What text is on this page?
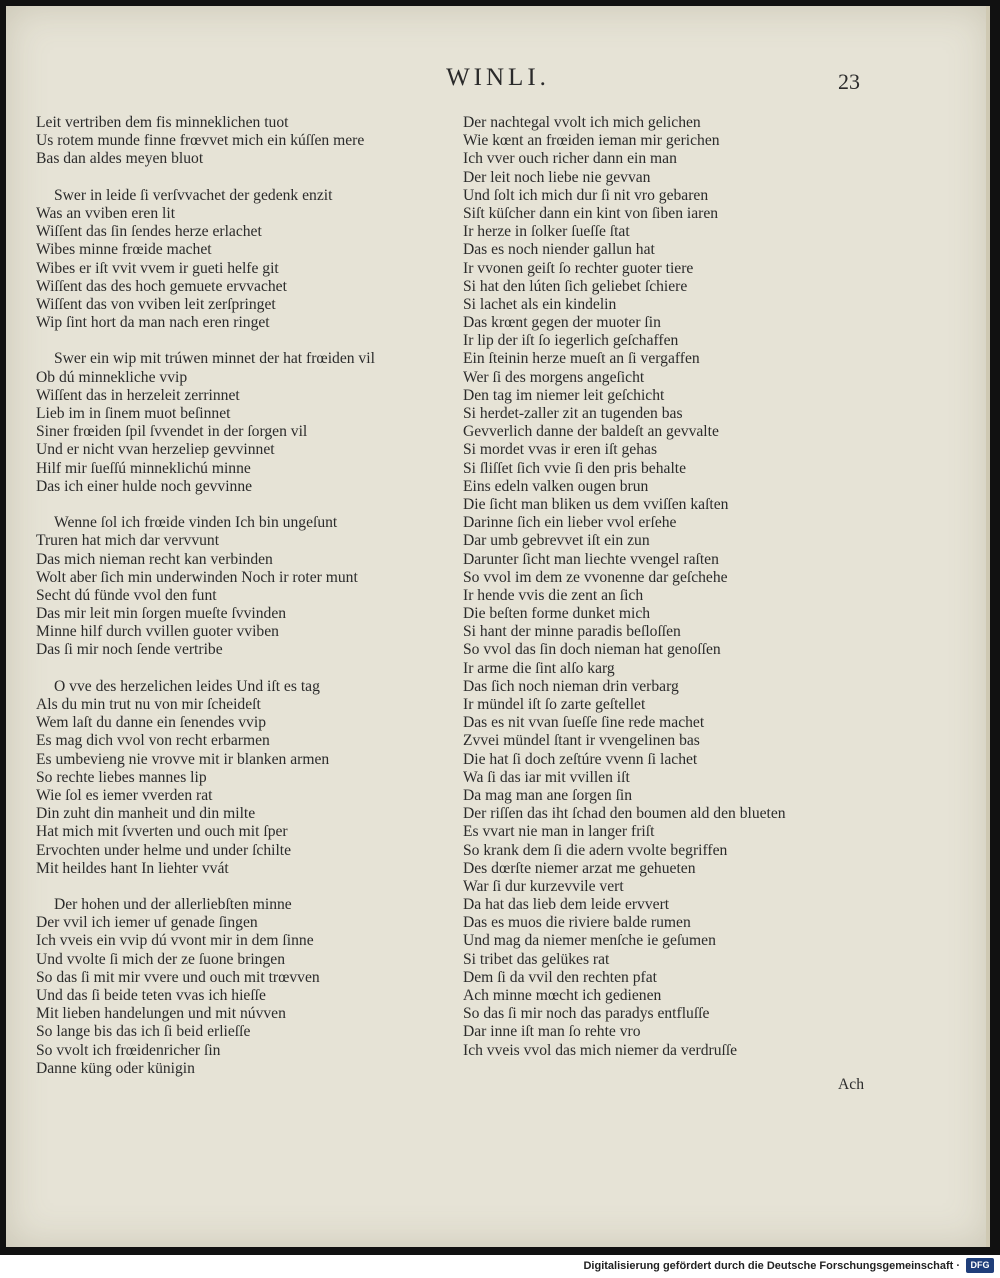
WINLI.	23
Leit vertriben dem fis minneklichen tuot
Us rotem munde finne frœvvet mich ein kúſſen mere
Bas dan aldes meyen bluot
Swer in leide ſi verſvvachet der gedenk enzit
Was an vviben eren lit
Wiſſent das ſin ſendes herze erlachet
Wibes minne frœide machet
Wibes er iſt vvit vvem ir gueti helfe git
Wiſſent das des hoch gemuete ervvachet
Wiſſent das von vviben leit zerſpringet
Wip ſint hort da man nach eren ringet
Swer ein wip mit trúwen minnet der hat frœiden vil
Ob dú minnekliche vvip
Wiſſent das in herzeleit zerrinnet
Lieb im in ſinem muot beſinnet
Siner frœiden ſpil ſvvendet in der ſorgen vil
Und er nicht vvan herzeliep gevvinnet
Hilf mir ſueſſú minneklichú minne
Das ich einer hulde noch gevvinne
Wenne ſol ich frœide vinden Ich bin ungeſunt
Truren hat mich dar vervvunt
Das mich nieman recht kan verbinden
Wolt aber ſich min underwinden Noch ir roter munt
Secht dú fünde vvol den funt
Das mir leit min ſorgen mueſte ſvvinden
Minne hilf durch vvillen guoter vviben
Das ſi mir noch ſende vertribe
O vve des herzelichen leides Und iſt es tag
Als du min trut nu von mir ſcheideſt
Wem laſt du danne ein ſenendes vvip
Es mag dich vvol von recht erbarmen
Es umbevieng nie vrovve mit ir blanken armen
So rechte liebes mannes lip
Wie ſol es iemer vverden rat
Din zuht din manheit und din milte
Hat mich mit ſvverten und ouch mit ſper
Ervochten under helme und under ſchilte
Mit heildes hant In liehter vvát
Der hohen und der allerliebſten minne
Der vvil ich iemer uf genade ſingen
Ich vveis ein vvip dú vvont mir in dem ſinne
Und vvolte ſi mich der ze ſuone bringen
So das ſi mit mir vvere und ouch mit trœvven
Und das ſi beide teten vvas ich hieſſe
Mit lieben handelungen und mit núvven
So lange bis das ich ſi beid erlieſſe
So vvolt ich frœidenricher ſin
Danne küng oder künigin
Der nachtegal vvolt ich mich gelichen
Wie kœnt an frœiden ieman mir gerichen
Ich vver ouch richer dann ein man
Der leit noch liebe nie gevvan
Und ſolt ich mich dur ſi nit vro gebaren
Siſt küſcher dann ein kint von ſiben iaren
Ir herze in ſolker ſueſſe ſtat
Das es noch niender gallun hat
Ir vvonen geiſt ſo rechter guoter tiere
Si hat den lúten ſich geliebet ſchiere
Si lachet als ein kindelin
Das krœnt gegen der muoter ſin
Ir lip der iſt ſo iegerlich geſchaffen
Ein ſteinin herze mueſt an ſi vergaffen
Wer ſi des morgens angeſicht
Den tag im niemer leit geſchicht
Si herdet-zaller zit an tugenden bas
Gevverlich danne der baldeſt an gevvalte
Si mordet vvas ir eren iſt gehas
Si ſliſſet ſich vvie ſi den pris behalte
Eins edeln valken ougen brun
Die ſicht man bliken us dem vviſſen kaſten
Darinne ſich ein lieber vvol erſehe
Dar umb gebrevvet iſt ein zun
Darunter ſicht man liechte vvengel raſten
So vvol im dem ze vvonenne dar geſchehe
Ir hende vvis die zent an ſich
Die beſten forme dunket mich
Si hant der minne paradis beſloſſen
So vvol das ſin doch nieman hat genoſſen
Ir arme die ſint alſo karg
Das ſich noch nieman drin verbarg
Ir mündel iſt ſo zarte geſtellet
Das es nit vvan ſueſſe ſine rede machet
Zvvei mündel ſtant ir vvengelinen bas
Die hat ſi doch zeſtúre vvenn ſi lachet
Wa ſi das iar mit vvillen iſt
Da mag man ane ſorgen ſin
Der riſſen das iht ſchad den boumen ald den blueten
Es vvart nie man in langer friſt
So krank dem ſi die adern vvolte begriffen
Des dœrſte niemer arzat me gehueten
War ſi dur kurzevvile vert
Da hat das lieb dem leide ervvert
Das es muos die riviere balde rumen
Und mag da niemer menſche ie geſumen
Si tribet das gelükes rat
Dem ſi da vvil den rechten pfat
Ach minne mœcht ich gedienen
So das ſi mir noch das paradys entfluſſe
Dar inne iſt man ſo rehte vro
Ich vveis vvol das mich niemer da verdruſſe
Ach
Digitalisierung gefördert durch die Deutsche Forschungsgemeinschaft ·	DFG
